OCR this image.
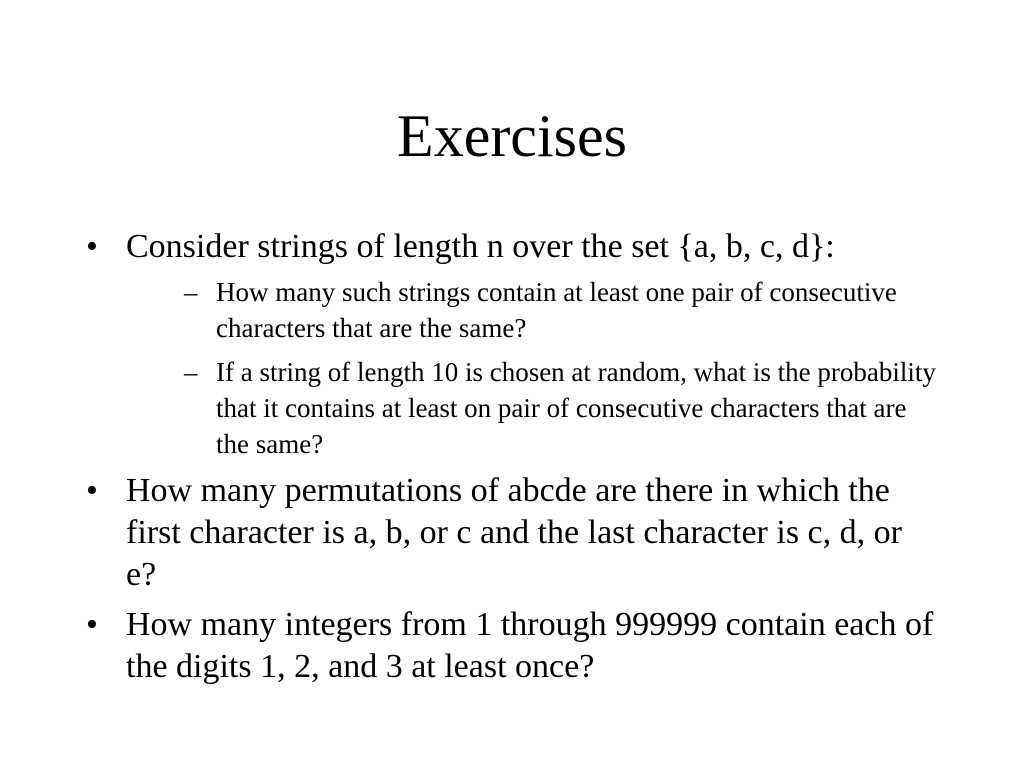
Exercises
• Consider strings of length n over the set {a, b, c, d}:
– How many such strings contain at least one pair of consecutive characters that are the same?
– If a string of length 10 is chosen at random, what is the probability that it contains at least on pair of consecutive characters that are the same?
• How many permutations of abcde are there in which the first character is a, b, or c and the last character is c, d, or e?
• How many integers from 1 through 999999 contain each of the digits 1, 2, and 3 at least once?
